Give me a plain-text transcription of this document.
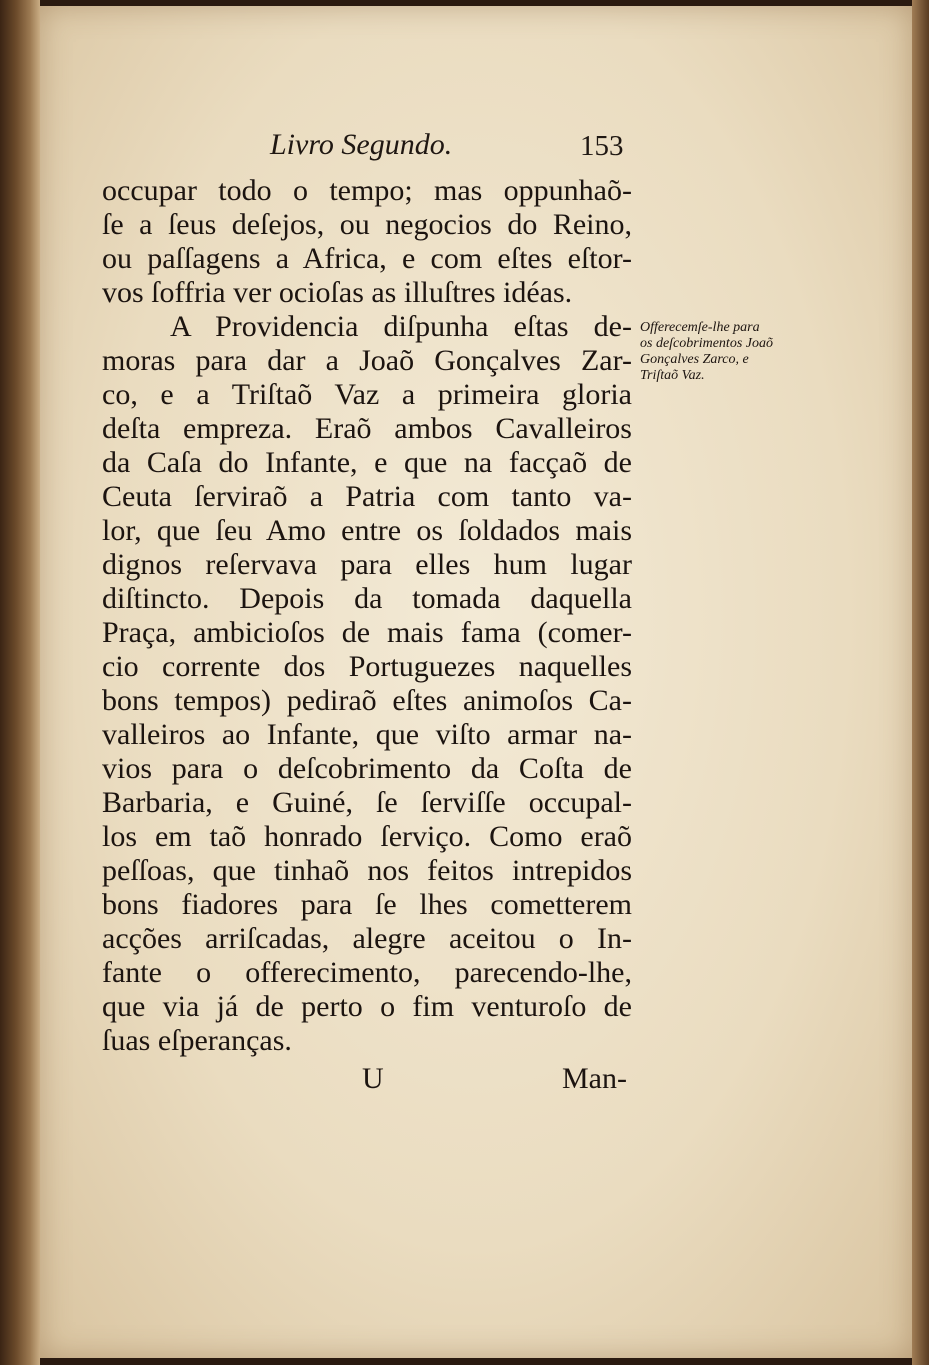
Livro Segundo.	153
occupar todo o tempo; mas oppunhaõ-
ſe a ſeus deſejos, ou negocios do Reino,
ou paſſagens a Africa, e com eſtes eſtor-
vos ſoffria ver ocioſas as illuſtres idéas.
A Providencia diſpunha eſtas de-
moras para dar a Joaõ Gonçalves Zar-
co, e a Triſtaõ Vaz a primeira gloria
deſta empreza. Eraõ ambos Cavalleiros
da Caſa do Infante, e que na facçaõ de
Ceuta ſerviraõ a Patria com tanto va-
lor, que ſeu Amo entre os ſoldados mais
dignos reſervava para elles hum lugar
diſtincto. Depois da tomada daquella
Praça, ambicioſos de mais fama (comer-
cio corrente dos Portuguezes naquelles
bons tempos) pediraõ eſtes animoſos Ca-
valleiros ao Infante, que viſto armar na-
vios para o deſcobrimento da Coſta de
Barbaria, e Guiné, ſe ſerviſſe occupal-
los em taõ honrado ſerviço. Como eraõ
peſſoas, que tinhaõ nos feitos intrepidos
bons fiadores para ſe lhes cometterem
acções arriſcadas, alegre aceitou o In-
fante o offerecimento, parecendo-lhe,
que via já de perto o fim venturoſo de
ſuas eſperanças.
Offerecemſe-lhe para
os deſcobrimentos Joaõ
Gonçalves Zarco, e
Triſtaõ Vaz.
U	Man-
